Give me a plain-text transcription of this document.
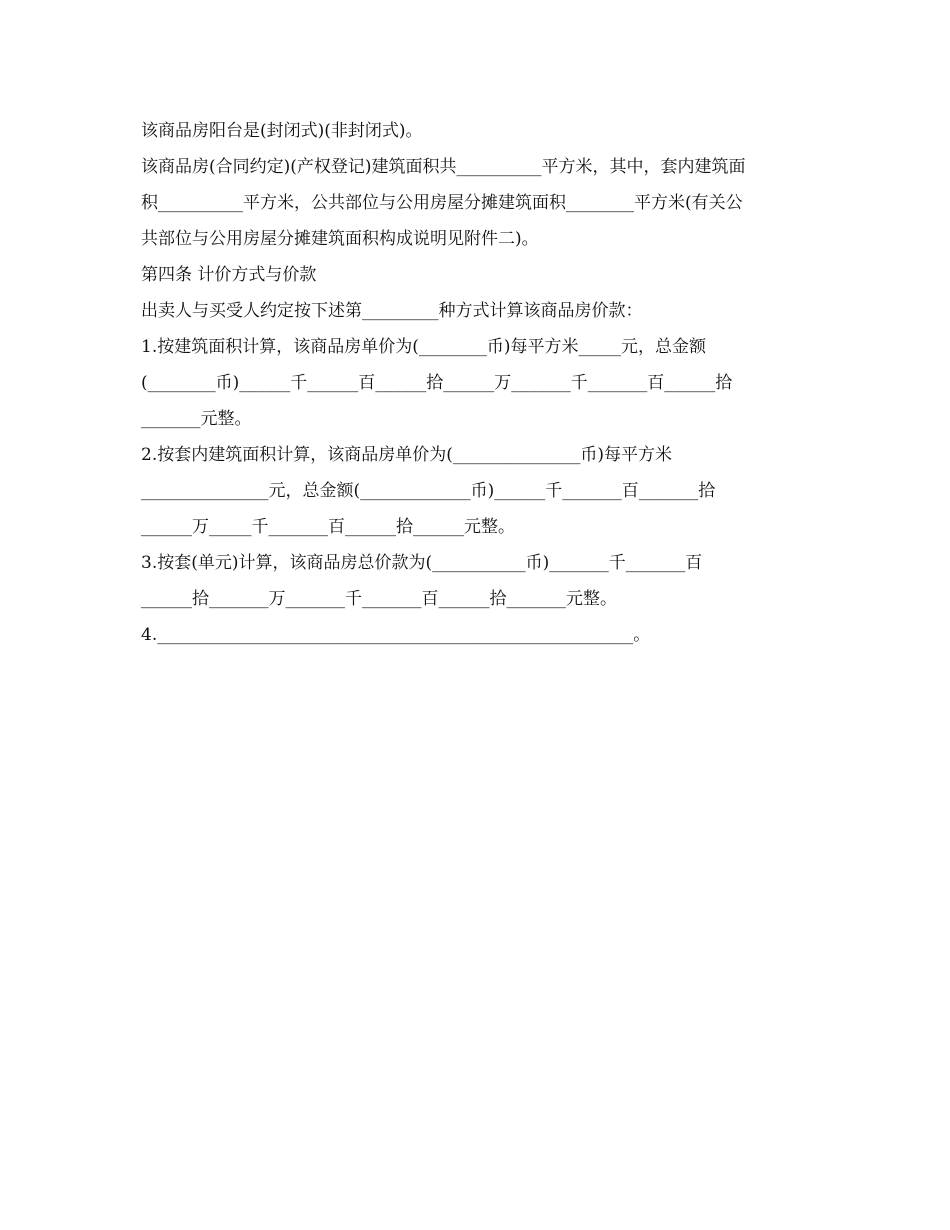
该商品房阳台是(封闭式)(非封闭式)。
该商品房(合同约定)(产权登记)建筑面积共__________平方米，其中，套内建筑面
积__________平方米，公共部位与公用房屋分摊建筑面积________平方米(有关公
共部位与公用房屋分摊建筑面积构成说明见附件二)。
第四条 计价方式与价款
出卖人与买受人约定按下述第_________种方式计算该商品房价款：
1.按建筑面积计算，该商品房单价为(________币)每平方米_____元，总金额
(________币)______千______百______拾______万_______千_______百______拾
_______元整。
2.按套内建筑面积计算，该商品房单价为(_______________币)每平方米
_______________元，总金额(_____________币)______千_______百_______拾
______万_____千_______百______拾______元整。
3.按套(单元)计算，该商品房总价款为(___________币)_______千_______百
______拾_______万_______千_______百______拾_______元整。
4.________________________________________________________。
